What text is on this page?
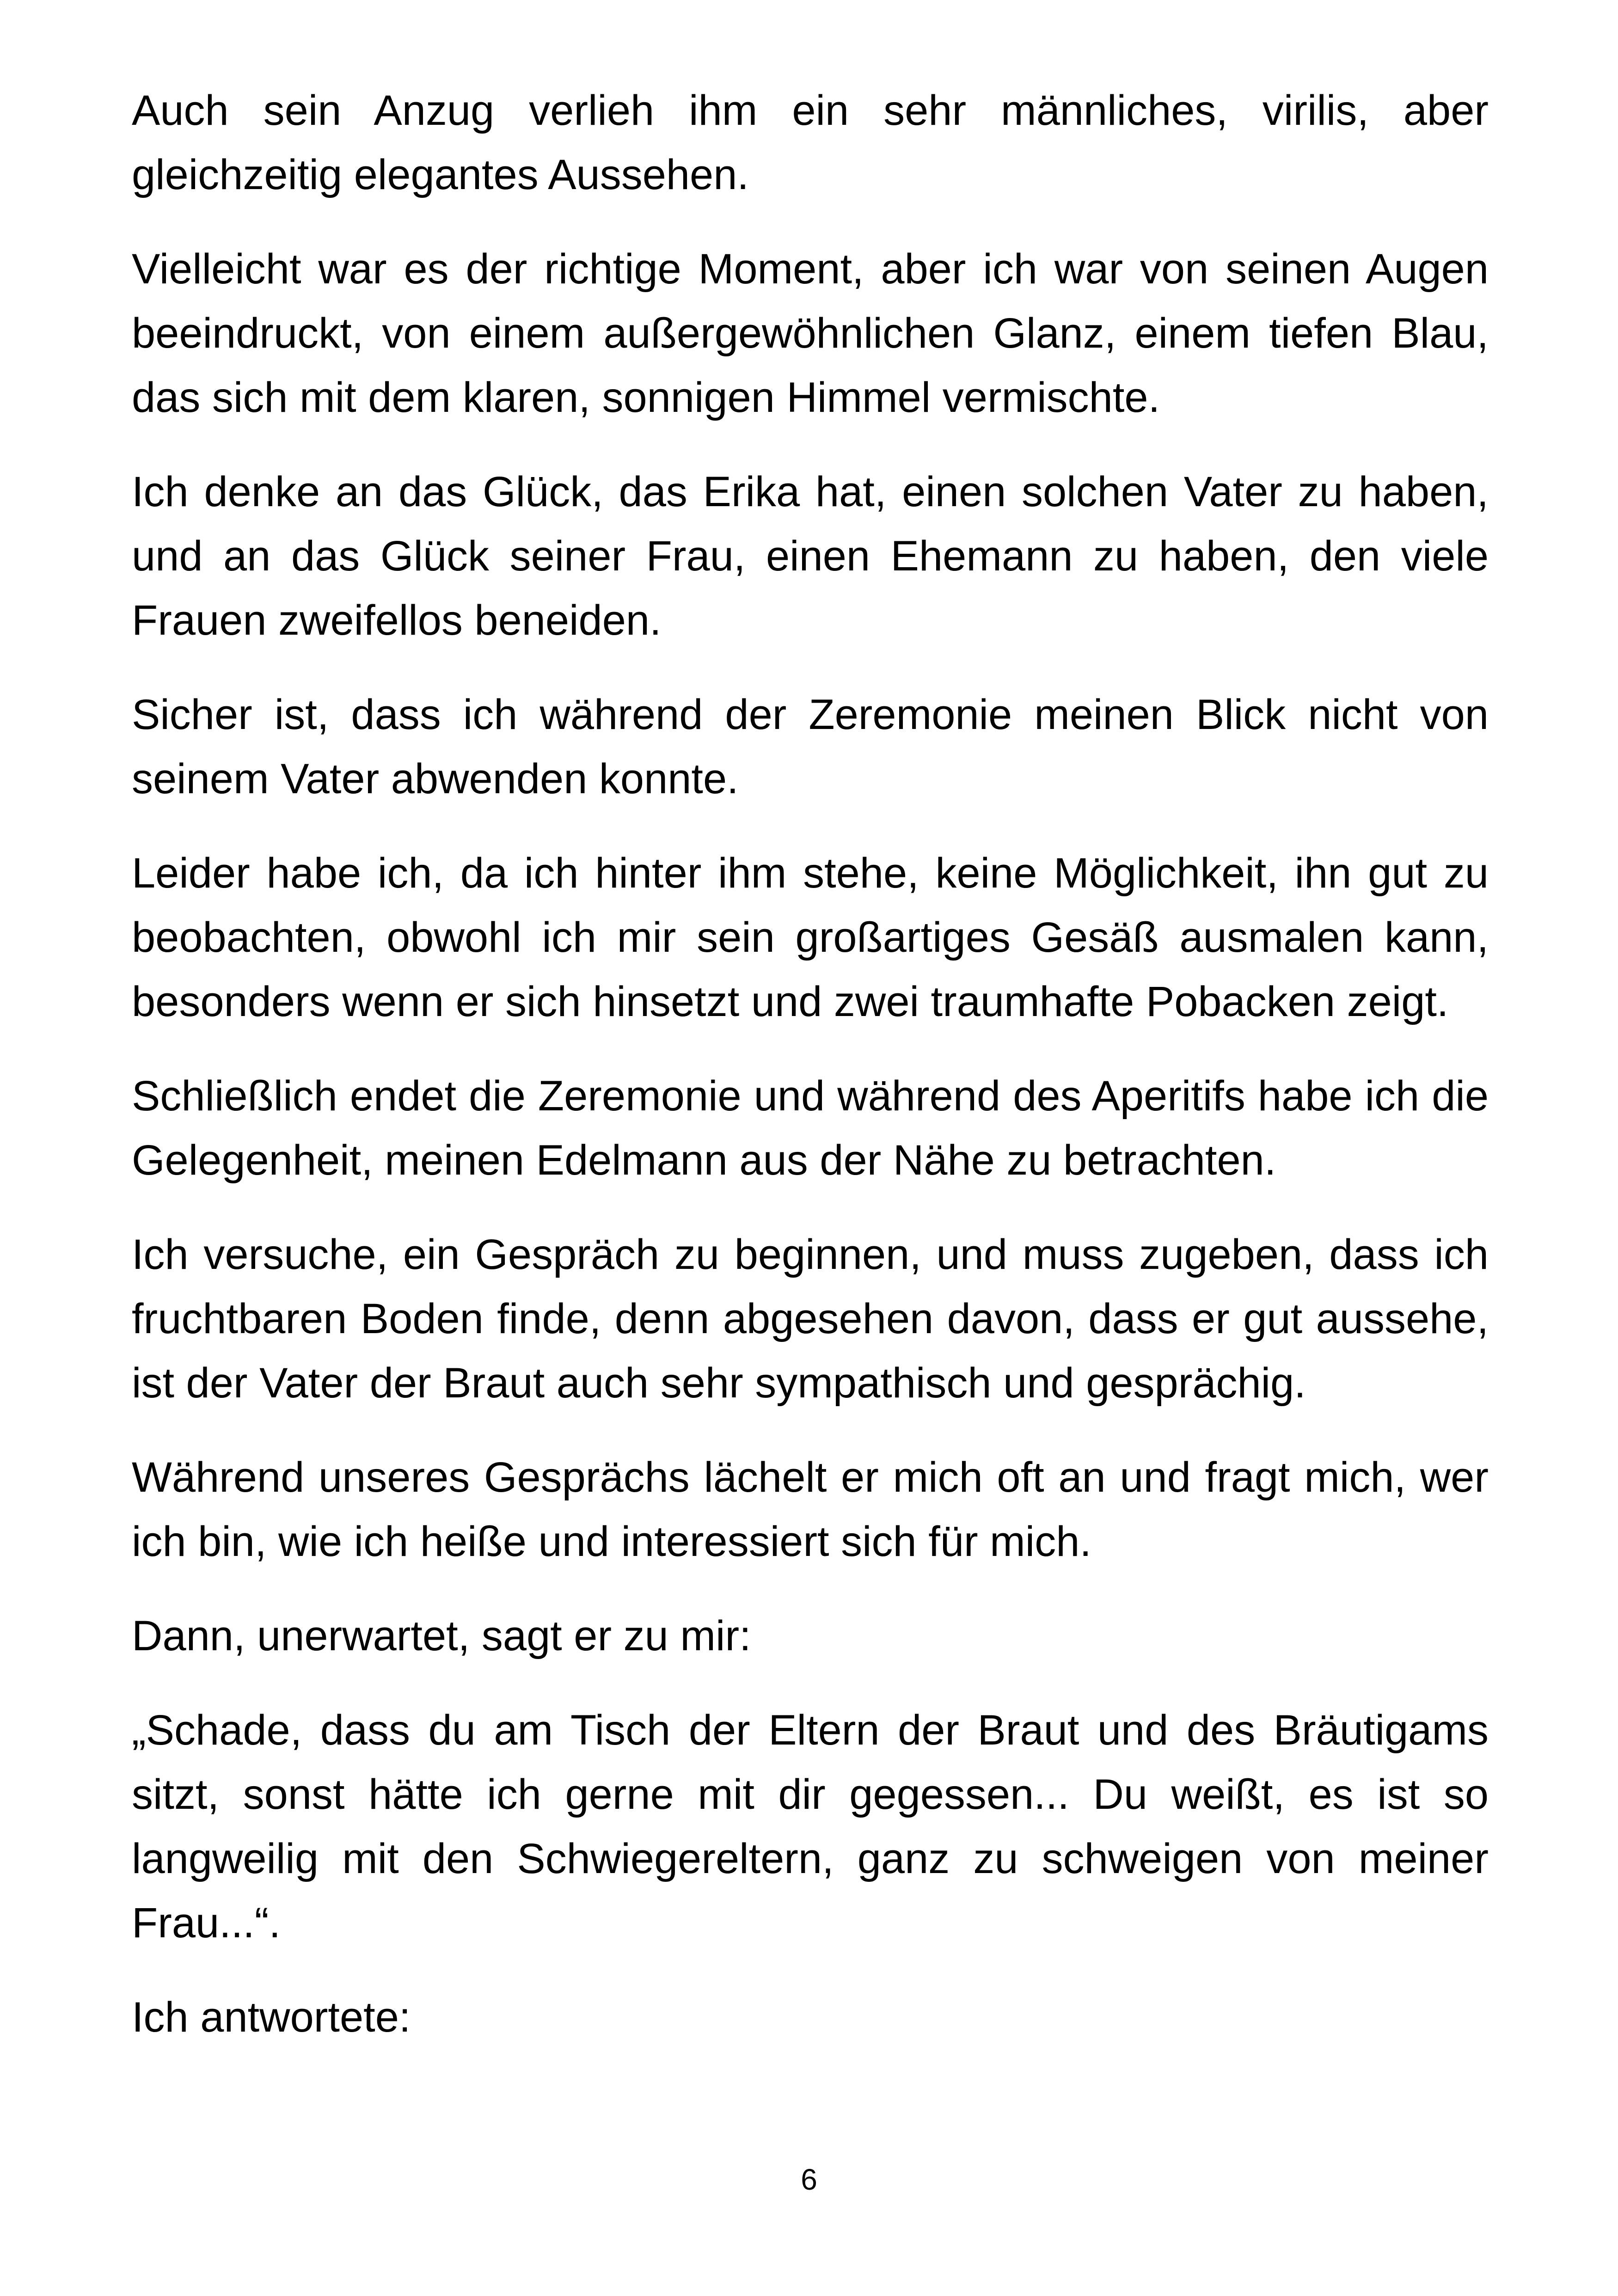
Auch sein Anzug verlieh ihm ein sehr männliches, virilis, aber gleichzeitig elegantes Aussehen.

Vielleicht war es der richtige Moment, aber ich war von seinen Augen beeindruckt, von einem außergewöhnlichen Glanz, einem tiefen Blau, das sich mit dem klaren, sonnigen Himmel vermischte.

Ich denke an das Glück, das Erika hat, einen solchen Vater zu haben, und an das Glück seiner Frau, einen Ehemann zu haben, den viele Frauen zweifellos beneiden.

Sicher ist, dass ich während der Zeremonie meinen Blick nicht von seinem Vater abwenden konnte.

Leider habe ich, da ich hinter ihm stehe, keine Möglichkeit, ihn gut zu beobachten, obwohl ich mir sein großartiges Gesäß ausmalen kann, besonders wenn er sich hinsetzt und zwei traumhafte Pobacken zeigt.

Schließlich endet die Zeremonie und während des Aperitifs habe ich die Gelegenheit, meinen Edelmann aus der Nähe zu betrachten.

Ich versuche, ein Gespräch zu beginnen, und muss zugeben, dass ich fruchtbaren Boden finde, denn abgesehen davon, dass er gut aussehe, ist der Vater der Braut auch sehr sympathisch und gesprächig.

Während unseres Gesprächs lächelt er mich oft an und fragt mich, wer ich bin, wie ich heiße und interessiert sich für mich.

Dann, unerwartet, sagt er zu mir:

„Schade, dass du am Tisch der Eltern der Braut und des Bräutigams sitzt, sonst hätte ich gerne mit dir gegessen... Du weißt, es ist so langweilig mit den Schwiegereltern, ganz zu schweigen von meiner Frau...“.

Ich antwortete:

6
